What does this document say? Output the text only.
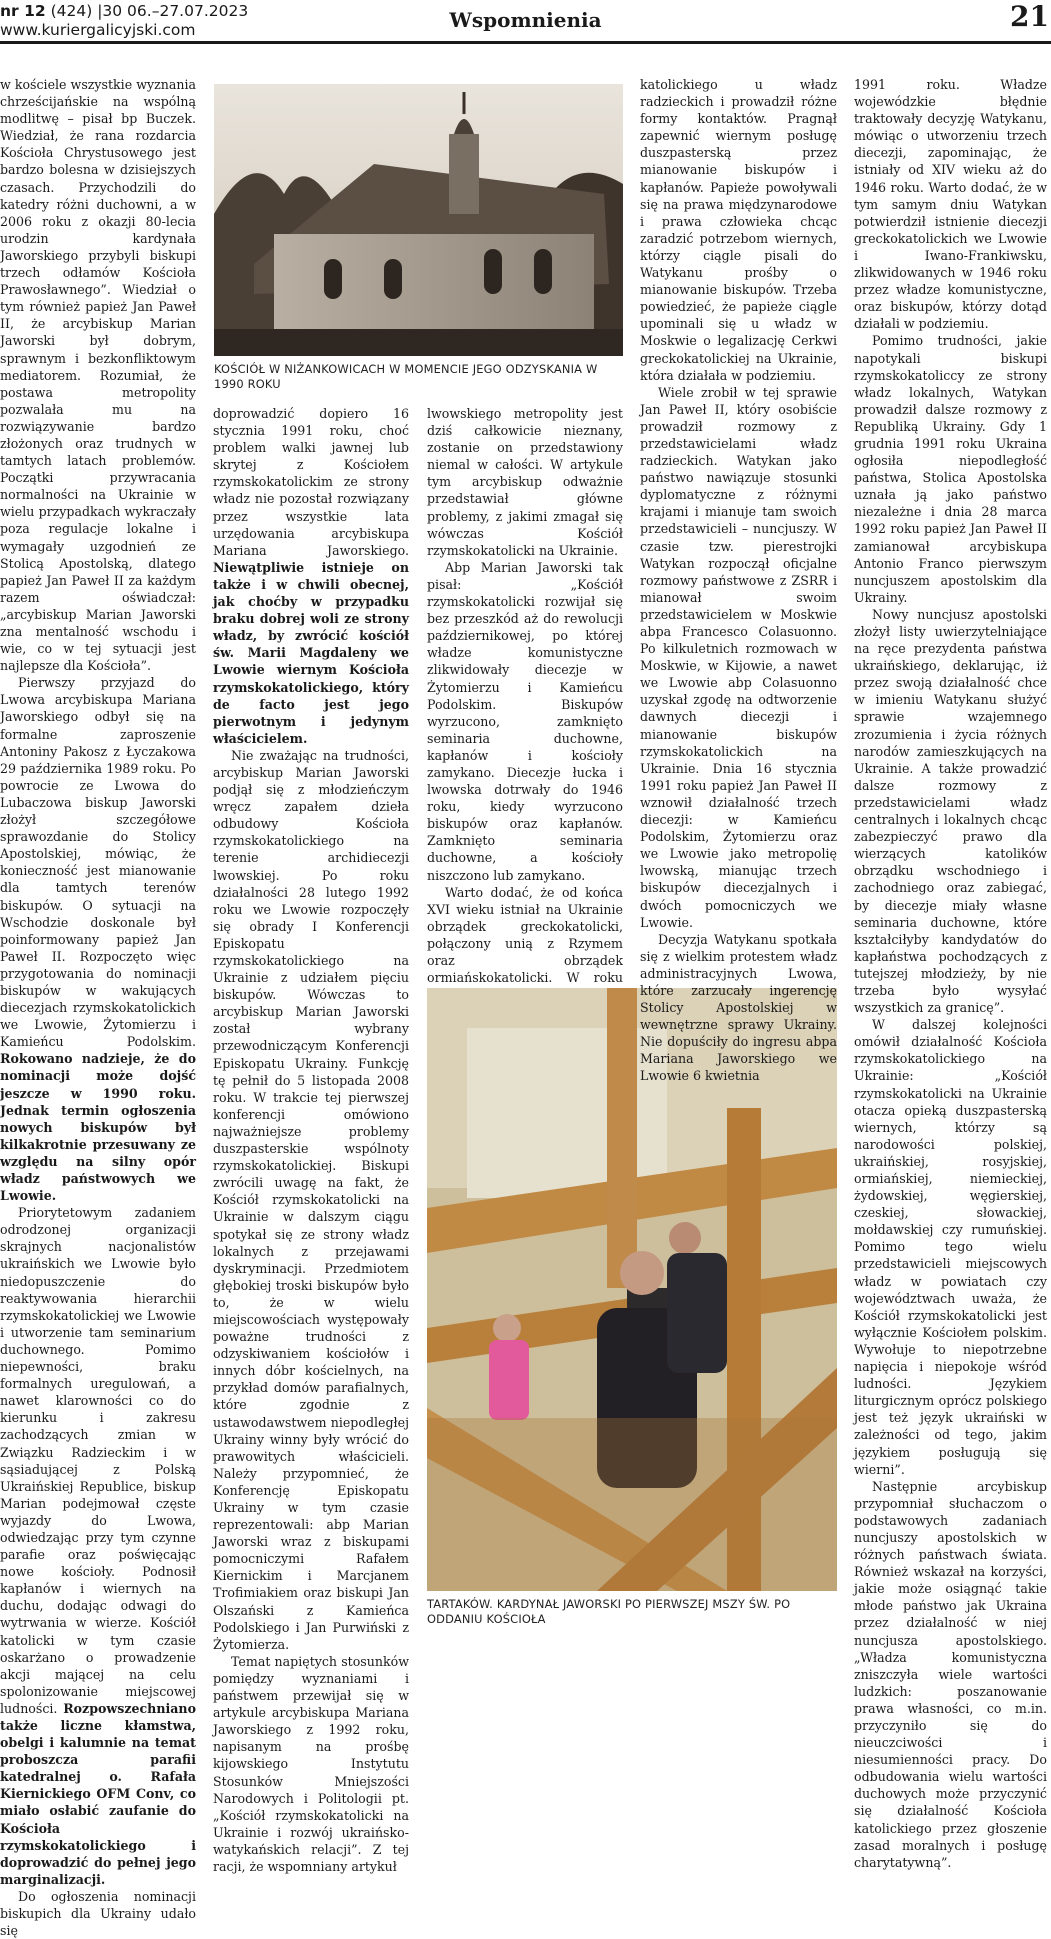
nr 12 (424) |30 06.–27.07.2023
www.kuriergalicyjski.com	Wspomnienia	21

w kościele wszystkie wyznania chrześcijańskie na wspólną modlitwę – pisał bp Buczek. Wiedział, że rana rozdarcia Kościoła Chrystusowego jest bardzo bolesna w dzisiejszych czasach. Przychodzili do katedry różni duchowni, a w 2006 roku z okazji 80-lecia urodzin kardynała Jaworskiego przybyli biskupi trzech odłamów Kościoła Prawosławnego”. Wiedział o tym również papież Jan Paweł II, że arcybiskup Marian Jaworski był dobrym, sprawnym i bezkonfliktowym mediatorem. Rozumiał, że postawa metropolity pozwalała mu na rozwiązywanie bardzo złożonych oraz trudnych w tamtych latach problemów. Początki przywracania normalności na Ukrainie w wielu przypadkach wykraczały poza regulacje lokalne i wymagały uzgodnień ze Stolicą Apostolską, dlatego papież Jan Paweł II za każdym razem oświadczał: „arcybiskup Marian Jaworski zna mentalność wschodu i wie, co w tej sytuacji jest najlepsze dla Kościoła”.

Pierwszy przyjazd do Lwowa arcybiskupa Mariana Jaworskiego odbył się na formalne zaproszenie Antoniny Pakosz z Łyczakowa 29 października 1989 roku. Po powrocie ze Lwowa do Lubaczowa biskup Jaworski złożył szczegółowe sprawozdanie do Stolicy Apostolskiej, mówiąc, że konieczność jest mianowanie dla tamtych terenów biskupów. O sytuacji na Wschodzie doskonale był poinformowany papież Jan Paweł II. Rozpoczęto więc przygotowania do nominacji biskupów w wakujących diecezjach rzymskokatolickich we Lwowie, Żytomierzu i Kamieńcu Podolskim. Rokowano nadzieje, że do nominacji może dojść jeszcze w 1990 roku. Jednak termin ogłoszenia nowych biskupów był kilkakrotnie przesuwany ze względu na silny opór władz państwowych we Lwowie.

Priorytetowym zadaniem odrodzonej organizacji skrajnych nacjonalistów ukraińskich we Lwowie było niedopuszczenie do reaktywowania hierarchii rzymskokatolickiej we Lwowie i utworzenie tam seminarium duchownego. Pomimo niepewności, braku formalnych uregulowań, a nawet klarowności co do kierunku i zakresu zachodzących zmian w Związku Radzieckim i w sąsiadującej z Polską Ukraińskiej Republice, biskup Marian podejmował częste wyjazdy do Lwowa, odwiedzając przy tym czynne parafie oraz poświęcając nowe kościoły. Podnosił kapłanów i wiernych na duchu, dodając odwagi do wytrwania w wierze. Kościół katolicki w tym czasie oskarżano o prowadzenie akcji mającej na celu spolonizowanie miejscowej ludności. Rozpowszechniano także liczne kłamstwa, obelgi i kalumnie na temat proboszcza parafii katedralnej o. Rafała Kiernickiego OFM Conv, co miało osłabić zaufanie do Kościoła rzymskokatolickiego i doprowadzić do pełnej jego marginalizacji.

Do ogłoszenia nominacji biskupich dla Ukrainy udało się

KOŚCIÓŁ W NIŻANKOWICACH W MOMENCIE JEGO ODZYSKANIA W 1990 ROKU

doprowadzić dopiero 16 stycznia 1991 roku, choć problem walki jawnej lub skrytej z Kościołem rzymskokatolickim ze strony władz nie pozostał rozwiązany przez wszystkie lata urzędowania arcybiskupa Mariana Jaworskiego. Niewątpliwie istnieje on także i w chwili obecnej, jak choćby w przypadku braku dobrej woli ze strony władz, by zwrócić kościół św. Marii Magdaleny we Lwowie wiernym Kościoła rzymskokatolickiego, który de facto jest jego pierwotnym i jedynym właścicielem.

Nie zważając na trudności, arcybiskup Marian Jaworski podjął się z młodzieńczym wręcz zapałem dzieła odbudowy Kościoła rzymskokatolickiego na terenie archidiecezji lwowskiej. Po roku działalności 28 lutego 1992 roku we Lwowie rozpoczęły się obrady I Konferencji Episkopatu rzymskokatolickiego na Ukrainie z udziałem pięciu biskupów. Wówczas to arcybiskup Marian Jaworski został wybrany przewodniczącym Konferencji Episkopatu Ukrainy. Funkcję tę pełnił do 5 listopada 2008 roku. W trakcie tej pierwszej konferencji omówiono najważniejsze problemy duszpasterskie wspólnoty rzymskokatolickiej. Biskupi zwrócili uwagę na fakt, że Kościół rzymskokatolicki na Ukrainie w dalszym ciągu spotykał się ze strony władz lokalnych z przejawami dyskryminacji. Przedmiotem głębokiej troski biskupów było to, że w wielu miejscowościach występowały poważne trudności z odzyskiwaniem kościołów i innych dóbr kościelnych, na przykład domów parafialnych, które zgodnie z ustawodawstwem niepodległej Ukrainy winny były wrócić do prawowitych właścicieli. Należy przypomnieć, że Konferencję Episkopatu Ukrainy w tym czasie reprezentowali: abp Marian Jaworski wraz z biskupami pomocniczymi Rafałem Kiernickim i Marcjanem Trofimiakiem oraz biskupi Jan Olszański z Kamieńca Podolskiego i Jan Purwiński z Żytomierza.

Temat napiętych stosunków pomiędzy wyznaniami i państwem przewijał się w artykule arcybiskupa Mariana Jaworskiego z 1992 roku, napisanym na prośbę kijowskiego Instytutu Stosunków Mniejszości Narodowych i Politologii pt. „Kościół rzymskokatolicki na Ukrainie i rozwój ukraińsko-watykańskich relacji”. Z tej racji, że wspomniany artykuł

lwowskiego metropolity jest dziś całkowicie nieznany, zostanie on przedstawiony niemal w całości. W artykule tym arcybiskup odważnie przedstawiał główne problemy, z jakimi zmagał się wówczas Kościół rzymskokatolicki na Ukrainie.

Abp Marian Jaworski tak pisał: „Kościół rzymskokatolicki rozwijał się bez przeszkód aż do rewolucji październikowej, po której władze komunistyczne zlikwidowały diecezje w Żytomierzu i Kamieńcu Podolskim. Biskupów wyrzucono, zamknięto seminaria duchowne, kapłanów i kościoły zamykano. Diecezje łucka i lwowska dotrwały do 1946 roku, kiedy wyrzucono biskupów oraz kapłanów. Zamknięto seminaria duchowne, a kościoły niszczono lub zamykano.

Warto dodać, że od końca XVI wieku istniał na Ukrainie obrządek greckokatolicki, połączony unią z Rzymem oraz obrządek ormiańskokatolicki. W roku

TARTAKÓW. KARDYNAŁ JAWORSKI PO PIERWSZEJ MSZY ŚW. PO ODDANIU KOŚCIOŁA

katolickiego u władz radzieckich i prowadził różne formy kontaktów. Pragnął zapewnić wiernym posługę duszpasterską przez mianowanie biskupów i kapłanów. Papieże powoływali się na prawa międzynarodowe i prawa człowieka chcąc zaradzić potrzebom wiernych, którzy ciągle pisali do Watykanu prośby o mianowanie biskupów. Trzeba powiedzieć, że papieże ciągle upominali się u władz w Moskwie o legalizację Cerkwi greckokatolickiej na Ukrainie, która działała w podziemiu.

Wiele zrobił w tej sprawie Jan Paweł II, który osobiście prowadził rozmowy z przedstawicielami władz radzieckich. Watykan jako państwo nawiązuje stosunki dyplomatyczne z różnymi krajami i mianuje tam swoich przedstawicieli – nuncjuszy. W czasie tzw. pierestrojki Watykan rozpoczął oficjalne rozmowy państwowe z ZSRR i mianował swoim przedstawicielem w Moskwie abpa Francesco Colasuonno. Po kilkuletnich rozmowach w Moskwie, w Kijowie, a nawet we Lwowie abp Colasuonno uzyskał zgodę na odtworzenie dawnych diecezji i mianowanie biskupów rzymskokatolickich na Ukrainie. Dnia 16 stycznia 1991 roku papież Jan Paweł II wznowił działalność trzech diecezji: w Kamieńcu Podolskim, Żytomierzu oraz we Lwowie jako metropolię lwowską, mianując trzech biskupów diecezjalnych i dwóch pomocniczych we Lwowie.

Decyzja Watykanu spotkała się z wielkim protestem władz administracyjnych Lwowa, które zarzucały ingerencję Stolicy Apostolskiej w wewnętrzne sprawy Ukrainy. Nie dopuściły do ingresu abpa Mariana Jaworskiego we Lwowie 6 kwietnia

1991 roku. Władze wojewódzkie błędnie traktowały decyzję Watykanu, mówiąc o utworzeniu trzech diecezji, zapominając, że istniały od XIV wieku aż do 1946 roku. Warto dodać, że w tym samym dniu Watykan potwierdził istnienie diecezji greckokatolickich we Lwowie i Iwano-Frankiwsku, zlikwidowanych w 1946 roku przez władze komunistyczne, oraz biskupów, którzy dotąd działali w podziemiu.

Pomimo trudności, jakie napotykali biskupi rzymskokatoliccy ze strony władz lokalnych, Watykan prowadził dalsze rozmowy z Republiką Ukrainy. Gdy 1 grudnia 1991 roku Ukraina ogłosiła niepodległość państwa, Stolica Apostolska uznała ją jako państwo niezależne i dnia 28 marca 1992 roku papież Jan Paweł II zamianował arcybiskupa Antonio Franco pierwszym nuncjuszem apostolskim dla Ukrainy.

Nowy nuncjusz apostolski złożył listy uwierzytelniające na ręce prezydenta państwa ukraińskiego, deklarując, iż przez swoją działalność chce w imieniu Watykanu służyć sprawie wzajemnego zrozumienia i życia różnych narodów zamieszkujących na Ukrainie. A także prowadzić dalsze rozmowy z przedstawicielami władz centralnych i lokalnych chcąc zabezpieczyć prawo dla wierzących katolików obrządku wschodniego i zachodniego oraz zabiegać, by diecezje miały własne seminaria duchowne, które kształciłyby kandydatów do kapłaństwa pochodzących z tutejszej młodzieży, by nie trzeba było wysyłać wszystkich za granicę”.

W dalszej kolejności omówił działalność Kościoła rzymskokatolickiego na Ukrainie: „Kościół rzymskokatolicki na Ukrainie otacza opieką duszpasterską wiernych, którzy są narodowości polskiej, ukraińskiej, rosyjskiej, ormiańskiej, niemieckiej, żydowskiej, węgierskiej, czeskiej, słowackiej, mołdawskiej czy rumuńskiej. Pomimo tego wielu przedstawicieli miejscowych władz w powiatach czy województwach uważa, że Kościół rzymskokatolicki jest wyłącznie Kościołem polskim. Wywołuje to niepotrzebne napięcia i niepokoje wśród ludności. Językiem liturgicznym oprócz polskiego jest też język ukraiński w zależności od tego, jakim językiem posługują się wierni”.

Następnie arcybiskup przypomniał słuchaczom o podstawowych zadaniach nuncjuszy apostolskich w różnych państwach świata. Również wskazał na korzyści, jakie może osiągnąć takie młode państwo jak Ukraina przez działalność w niej nuncjusza apostolskiego. „Władza komunistyczna zniszczyła wiele wartości ludzkich: poszanowanie prawa własności, co m.in. przyczyniło się do nieuczciwości i niesumienności pracy. Do odbudowania wielu wartości duchowych może przyczynić się działalność Kościoła katolickiego przez głoszenie zasad moralnych i posługę charytatywną”.
